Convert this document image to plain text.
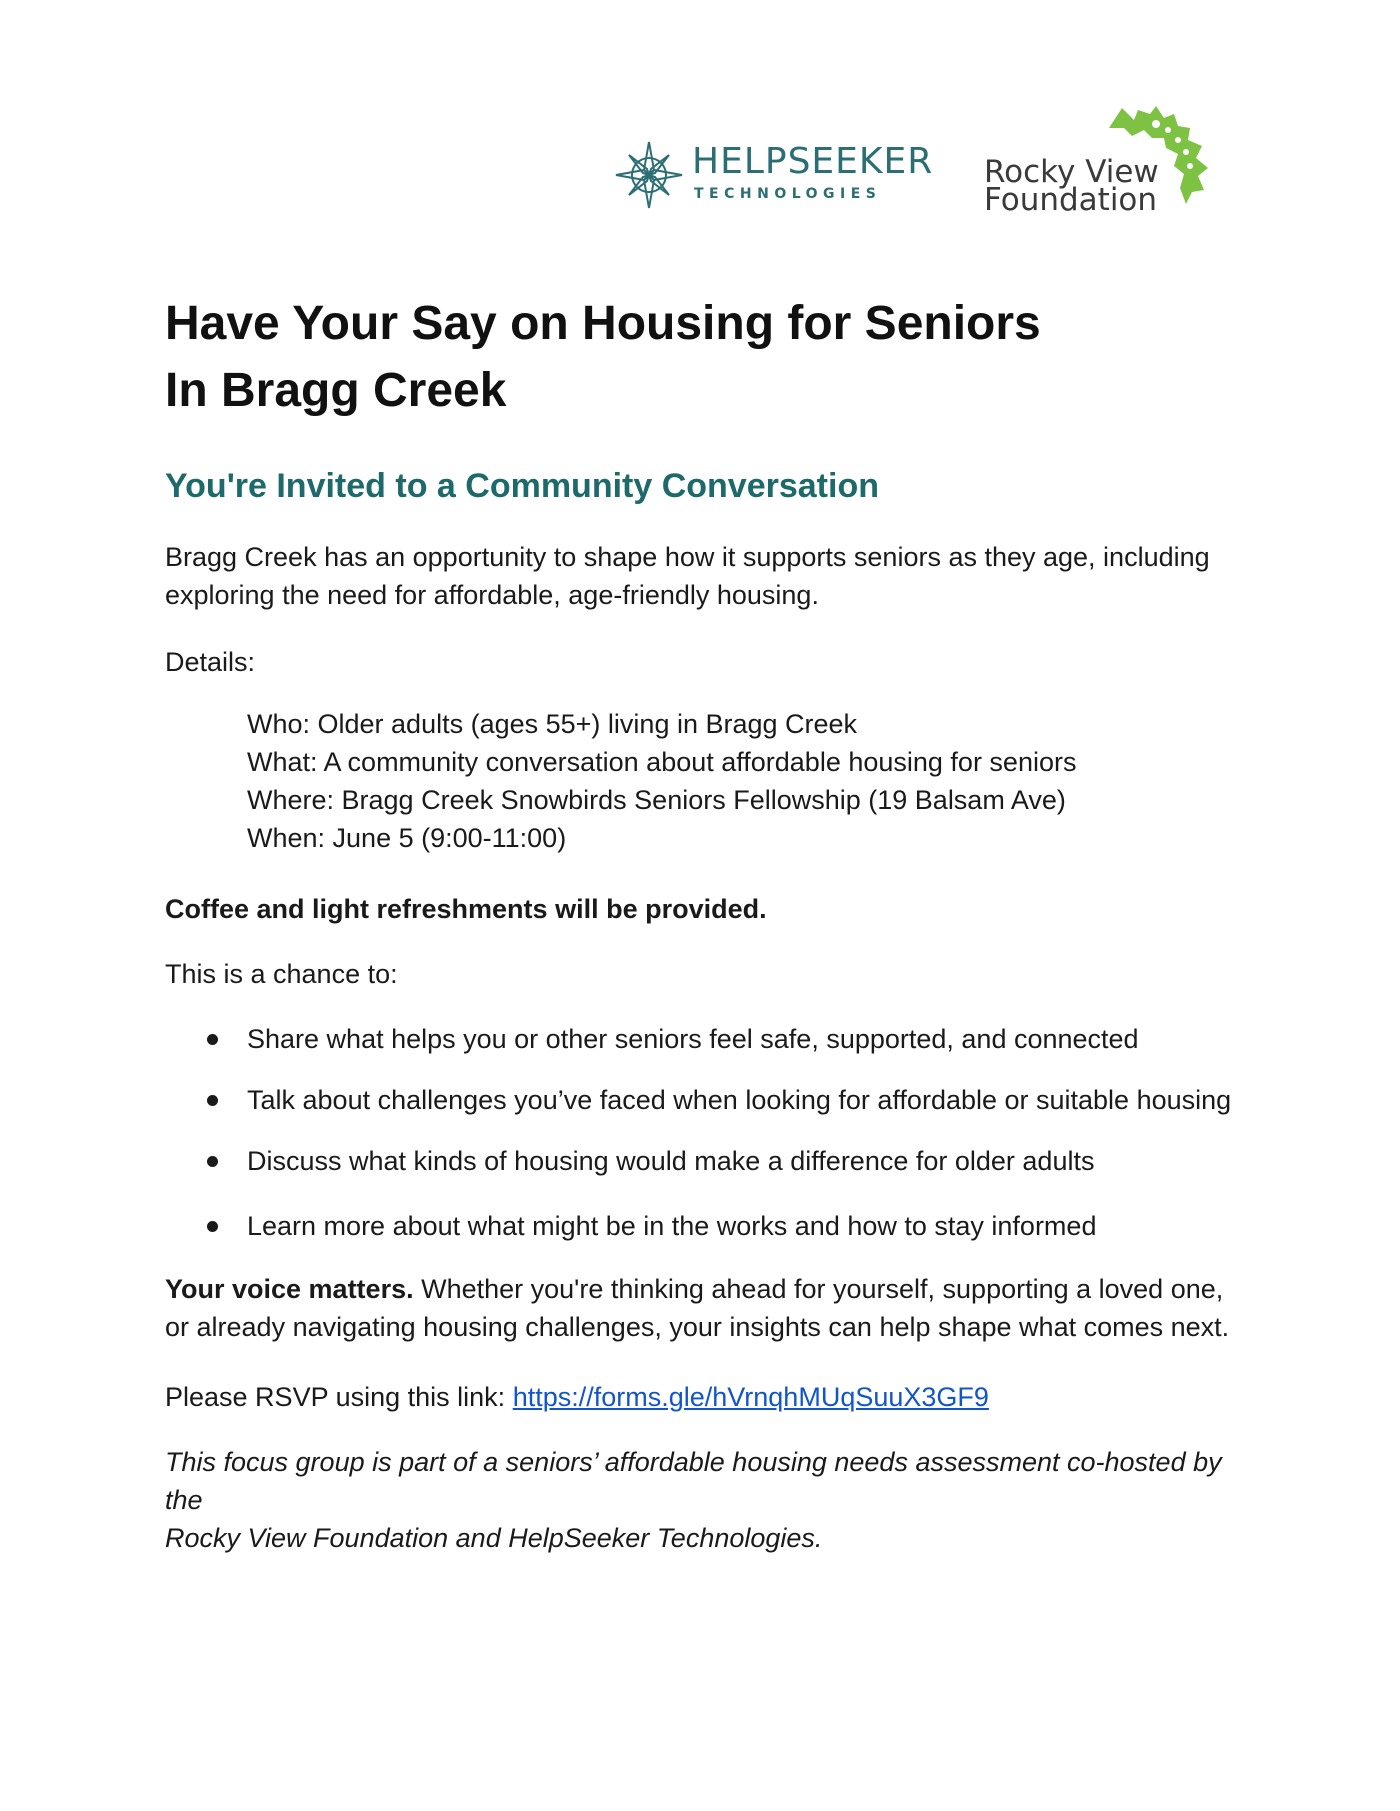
HELPSEEKER
TECHNOLOGIES
Rocky View
Foundation
Have Your Say on Housing for Seniors
In Bragg Creek
You're Invited to a Community Conversation
Bragg Creek has an opportunity to shape how it supports seniors as they age, including exploring the need for affordable, age-friendly housing.
Details:
Who: Older adults (ages 55+) living in Bragg Creek
What: A community conversation about affordable housing for seniors
Where: Bragg Creek Snowbirds Seniors Fellowship (19 Balsam Ave)
When: June 5 (9:00-11:00)
Coffee and light refreshments will be provided.
This is a chance to:
Share what helps you or other seniors feel safe, supported, and connected
Talk about challenges you’ve faced when looking for affordable or suitable housing
Discuss what kinds of housing would make a difference for older adults
Learn more about what might be in the works and how to stay informed
Your voice matters. Whether you're thinking ahead for yourself, supporting a loved one,
or already navigating housing challenges, your insights can help shape what comes next.
Please RSVP using this link: https://forms.gle/hVrnqhMUqSuuX3GF9
This focus group is part of a seniors’ affordable housing needs assessment co-hosted by the
Rocky View Foundation and HelpSeeker Technologies.
